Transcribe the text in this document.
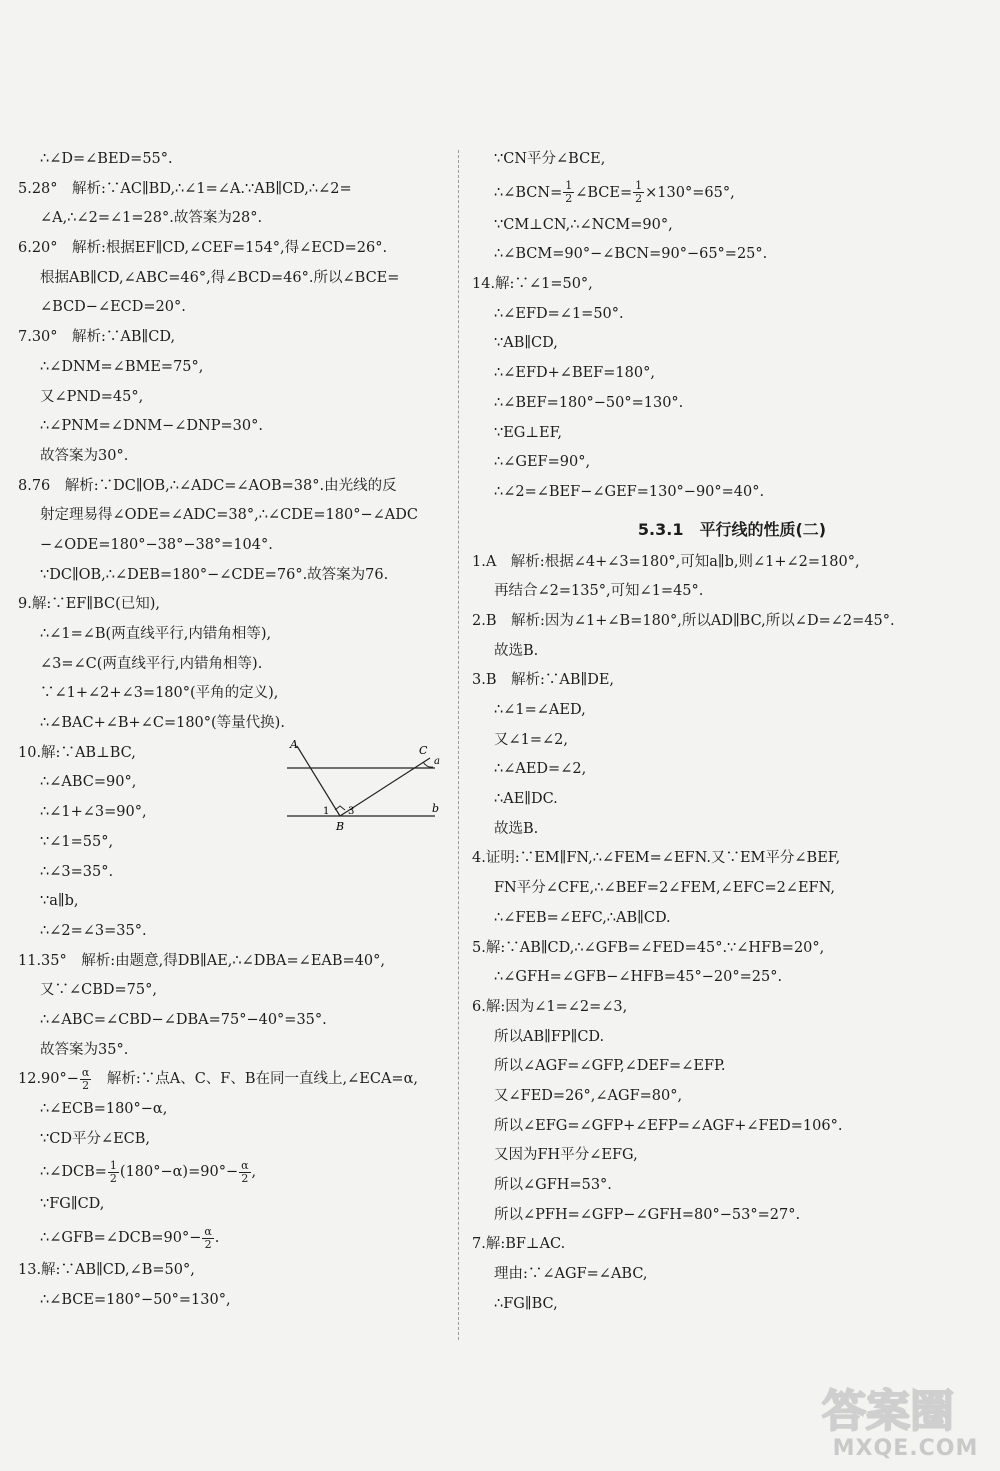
∴∠D=∠BED=55°.
5.28°　解析:∵AC∥BD,∴∠1=∠A.∵AB∥CD,∴∠2=
∠A,∴∠2=∠1=28°.故答案为28°.
6.20°　解析:根据EF∥CD,∠CEF=154°,得∠ECD=26°.
根据AB∥CD,∠ABC=46°,得∠BCD=46°.所以∠BCE=
∠BCD−∠ECD=20°.
7.30°　解析:∵AB∥CD,
∴∠DNM=∠BME=75°,
又∠PND=45°,
∴∠PNM=∠DNM−∠DNP=30°.
故答案为30°.
8.76　解析:∵DC∥OB,∴∠ADC=∠AOB=38°.由光线的反
射定理易得∠ODE=∠ADC=38°,∴∠CDE=180°−∠ADC
−∠ODE=180°−38°−38°=104°.
∵DC∥OB,∴∠DEB=180°−∠CDE=76°.故答案为76.
9.解:∵EF∥BC(已知),
∴∠1=∠B(两直线平行,内错角相等),
∠3=∠C(两直线平行,内错角相等).
∵∠1+∠2+∠3=180°(平角的定义),
∴∠BAC+∠B+∠C=180°(等量代换).
10.解:∵AB⊥BC,
∴∠ABC=90°,
∴∠1+∠3=90°,
∵∠1=55°,
∴∠3=35°.
∵a∥b,
∴∠2=∠3=35°.
11.35°　解析:由题意,得DB∥AE,∴∠DBA=∠EAB=40°,
又∵∠CBD=75°,
∴∠ABC=∠CBD−∠DBA=75°−40°=35°.
故答案为35°.
$12.90^\circ- \frac{\alpha}{2}$ 　解析:∵点A、C、F、B在同一直线上,∠ECA=α,
∴∠ECB=180°−α,
∵CD平分∠ECB,
∴∠DCB= $\frac{1}{2} (180^\circ-\alpha)=90^\circ- \frac{\alpha}{2}$ ,
∵FG∥CD,
∴∠GFB=∠DCB=90°− $\frac{\alpha}{2}$ .
13.解:∵AB∥CD,∠B=50°,
∴∠BCE=180°−50°=130°,
∵CN平分∠BCE,
∴∠BCN= $\frac{1}{2}$ ∠BCE= $\frac{1}{2} \times 130^\circ=65^\circ$,
∵CM⊥CN,∴∠NCM=90°,
∴∠BCM=90°−∠BCN=90°−65°=25°.
14.解:∵∠1=50°,
∴∠EFD=∠1=50°.
∵AB∥CD,
∴∠EFD+∠BEF=180°,
∴∠BEF=180°−50°=130°.
∵EG⊥EF,
∴∠GEF=90°,
∴∠2=∠BEF−∠GEF=130°−90°=40°.
5.3.1　平行线的性质(二)
1.A　解析:根据∠4+∠3=180°,可知a∥b,则∠1+∠2=180°,
再结合∠2=135°,可知∠1=45°.
2.B　解析:因为∠1+∠B=180°,所以AD∥BC,所以∠D=∠2=45°.
故选B.
3.B　解析:∵AB∥DE,
∴∠1=∠AED,
又∠1=∠2,
∴∠AED=∠2,
∴AE∥DC.
故选B.
4.证明:∵EM∥FN,∴∠FEM=∠EFN.又∵EM平分∠BEF,
FN平分∠CFE,∴∠BEF=2∠FEM,∠EFC=2∠EFN,
∴∠FEB=∠EFC,∴AB∥CD.
5.解:∵AB∥CD,∴∠GFB=∠FED=45°.∵∠HFB=20°,
∴∠GFH=∠GFB−∠HFB=45°−20°=25°.
6.解:因为∠1=∠2=∠3,
所以AB∥FP∥CD.
所以∠AGF=∠GFP,∠DEF=∠EFP.
又∠FED=26°,∠AGF=80°,
所以∠EFG=∠GFP+∠EFP=∠AGF+∠FED=106°.
又因为FH平分∠EFG,
所以∠GFH=53°.
所以∠PFH=∠GFP−∠GFH=80°−53°=27°.
7.解:BF⊥AC.
理由:∵∠AGF=∠ABC,
∴FG∥BC,
A	C
a
b
B
1 3
答案圈
MXQE.COM
